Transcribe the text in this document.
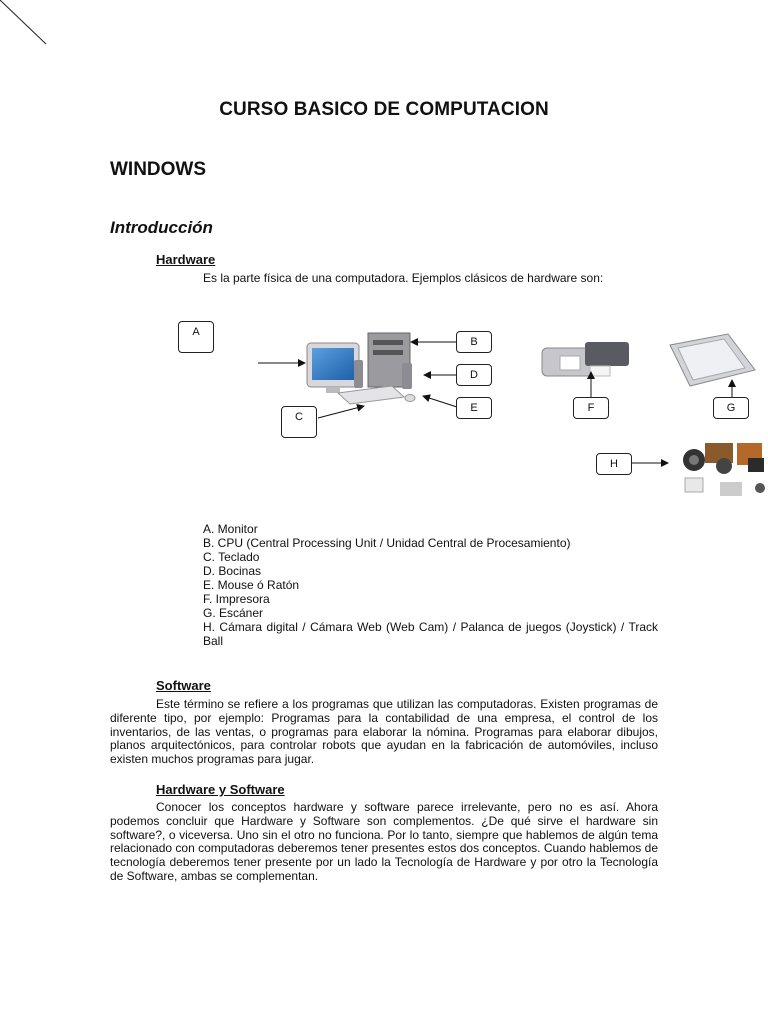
CURSO BASICO DE COMPUTACION
WINDOWS
Introducción
Hardware
Es la parte física de una computadora. Ejemplos clásicos de hardware son:
A
B
C
D
E	F	G
H
A. Monitor
B. CPU (Central Processing Unit / Unidad Central de Procesamiento)
C. Teclado
D. Bocinas
E. Mouse ó Ratón
F. Impresora
G. Escáner
H. Cámara digital / Cámara Web (Web Cam) / Palanca de juegos (Joystick) / Track Ball
Software
Este término se refiere a los programas que utilizan las computadoras. Existen programas de diferente tipo, por ejemplo: Programas para la contabilidad de una empresa, el control de los inventarios, de las ventas, o programas para elaborar la nómina. Programas para elaborar dibujos, planos arquitectónicos, para controlar robots que ayudan en la fabricación de automóviles, incluso existen muchos programas para jugar.
Hardware y Software
Conocer los conceptos hardware y software parece irrelevante, pero no es así. Ahora podemos concluir que Hardware y Software son complementos. ¿De qué sirve el hardware sin software?, o viceversa. Uno sin el otro no funciona. Por lo tanto, siempre que hablemos de algún tema relacionado con computadoras deberemos tener presentes estos dos conceptos. Cuando hablemos de tecnología deberemos tener presente por un lado la Tecnología de Hardware y por otro la Tecnología de Software, ambas se complementan.
